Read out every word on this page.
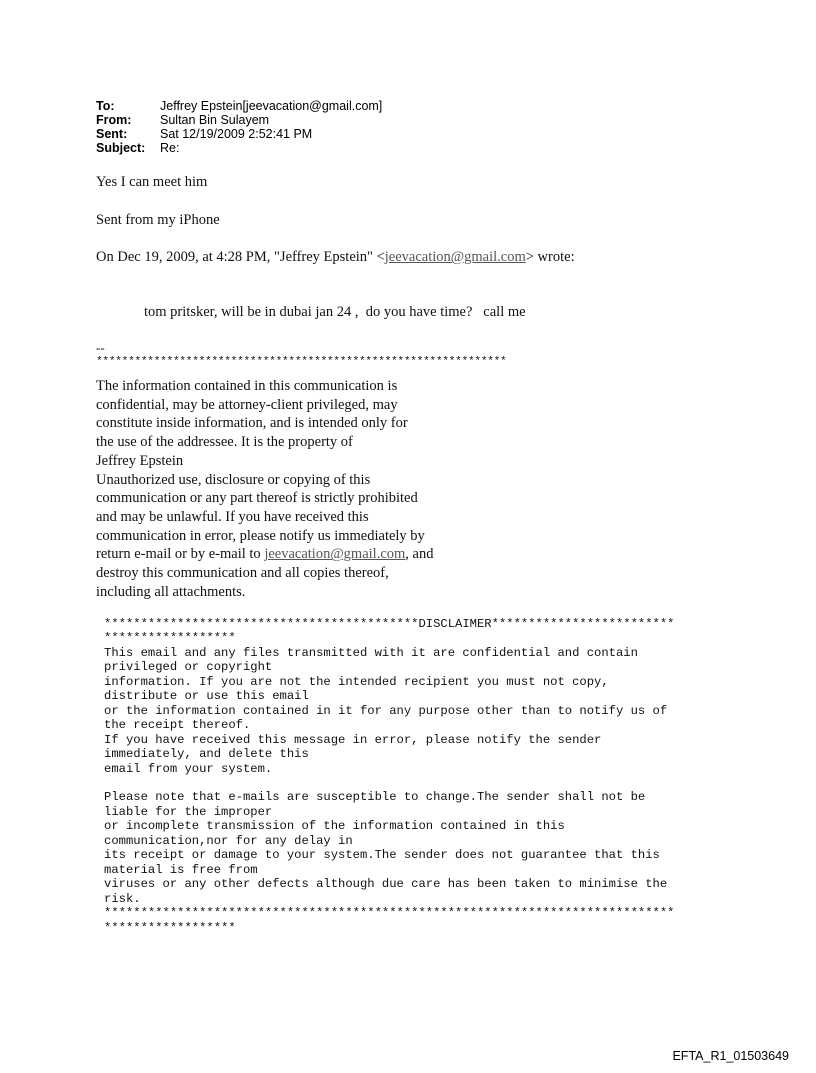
To:	Jeffrey Epstein[jeevacation@gmail.com]
From:	Sultan Bin Sulayem
Sent:	Sat 12/19/2009 2:52:41 PM
Subject:	Re:
Yes I can meet him
Sent from my iPhone
On Dec 19, 2009, at 4:28 PM, "Jeffrey Epstein" <jeevacation@gmail.com> wrote:
tom pritsker, will be in dubai jan 24 ,  do you have time?   call me
--
****************************************************************
The information contained in this communication is
confidential, may be attorney-client privileged, may
constitute inside information, and is intended only for
the use of the addressee. It is the property of
Jeffrey Epstein
Unauthorized use, disclosure or copying of this
communication or any part thereof is strictly prohibited
and may be unlawful. If you have received this
communication in error, please notify us immediately by
return e-mail or by e-mail to jeevacation@gmail.com, and
destroy this communication and all copies thereof,
including all attachments.
*******************************************DISCLAIMER*************************
******************
This email and any files transmitted with it are confidential and contain
privileged or copyright
information. If you are not the intended recipient you must not copy,
distribute or use this email
or the information contained in it for any purpose other than to notify us of
the receipt thereof.
If you have received this message in error, please notify the sender
immediately, and delete this
email from your system.
Please note that e-mails are susceptible to change.The sender shall not be
liable for the improper
or incomplete transmission of the information contained in this
communication,nor for any delay in
its receipt or damage to your system.The sender does not guarantee that this
material is free from
viruses or any other defects although due care has been taken to minimise the
risk.
******************************************************************************
******************
EFTA_R1_01503649
